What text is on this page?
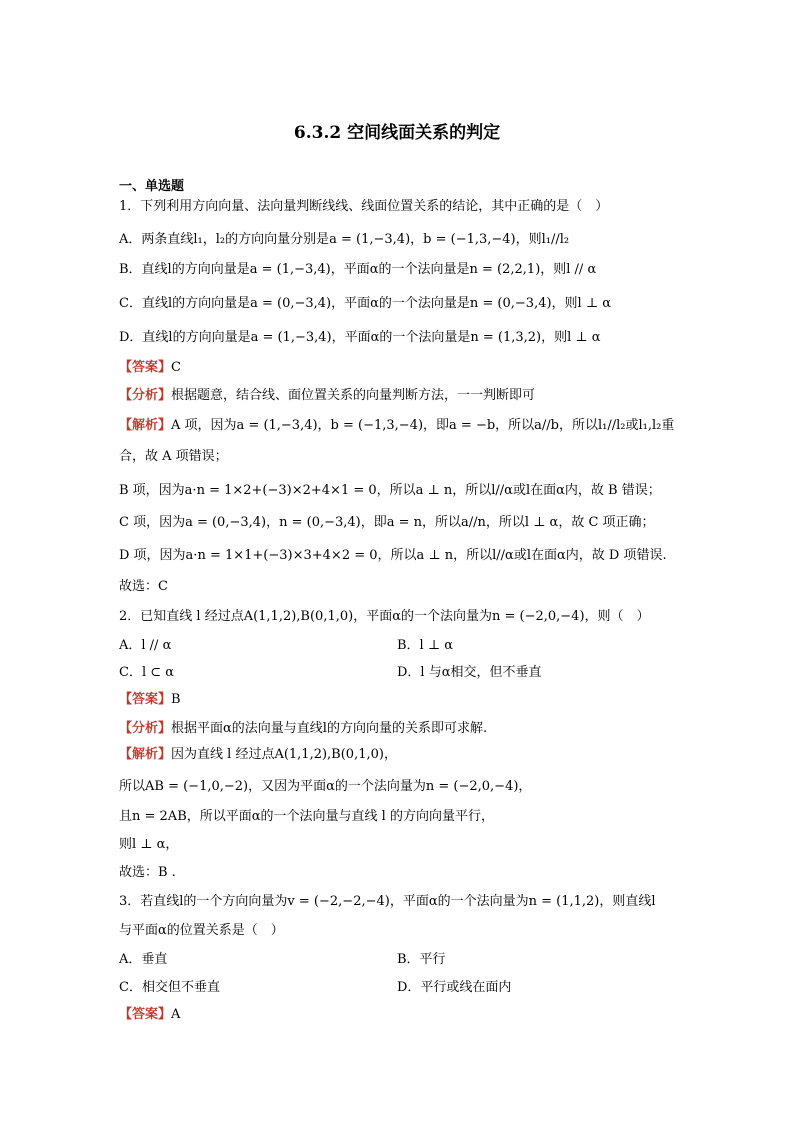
6.3.2 空间线面关系的判定
一、单选题
1．下列利用方向向量、法向量判断线线、线面位置关系的结论，其中正确的是（　）
A．两条直线l₁，l₂的方向向量分别是a = (1,−3,4)，b = (−1,3,−4)，则l₁//l₂
B．直线l的方向向量是a = (1,−3,4)，平面α的一个法向量是n = (2,2,1)，则l // α
C．直线l的方向向量是a = (0,−3,4)，平面α的一个法向量是n = (0,−3,4)，则l ⊥ α
D．直线l的方向向量是a = (1,−3,4)，平面α的一个法向量是n = (1,3,2)，则l ⊥ α
【答案】C
【分析】根据题意，结合线、面位置关系的向量判断方法，一一判断即可
【解析】A 项，因为a = (1,−3,4)，b = (−1,3,−4)，即a = −b，所以a//b，所以l₁//l₂或l₁,l₂重
合，故 A 项错误；
B 项，因为a·n = 1×2+(−3)×2+4×1 = 0，所以a ⊥ n，所以l//α或l在面α内，故 B 错误；
C 项，因为a = (0,−3,4)，n = (0,−3,4)，即a = n，所以a//n，所以l ⊥ α，故 C 项正确；
D 项，因为a·n = 1×1+(−3)×3+4×2 = 0，所以a ⊥ n，所以l//α或l在面α内，故 D 项错误.
故选：C
2．已知直线 l 经过点A(1,1,2),B(0,1,0)，平面α的一个法向量为n = (−2,0,−4)，则（　）
A．l // α	B．l ⊥ α
C．l ⊂ α	D．l 与α相交，但不垂直
【答案】B
【分析】根据平面α的法向量与直线l的方向向量的关系即可求解.
【解析】因为直线 l 经过点A(1,1,2),B(0,1,0)，
所以AB = (−1,0,−2)，又因为平面α的一个法向量为n = (−2,0,−4)，
且n = 2AB，所以平面α的一个法向量与直线 l 的方向向量平行，
则l ⊥ α，
故选：B .
3．若直线l的一个方向向量为v = (−2,−2,−4)，平面α的一个法向量为n = (1,1,2)，则直线l
与平面α的位置关系是（　）
A．垂直	B．平行
C．相交但不垂直	D．平行或线在面内
【答案】A
